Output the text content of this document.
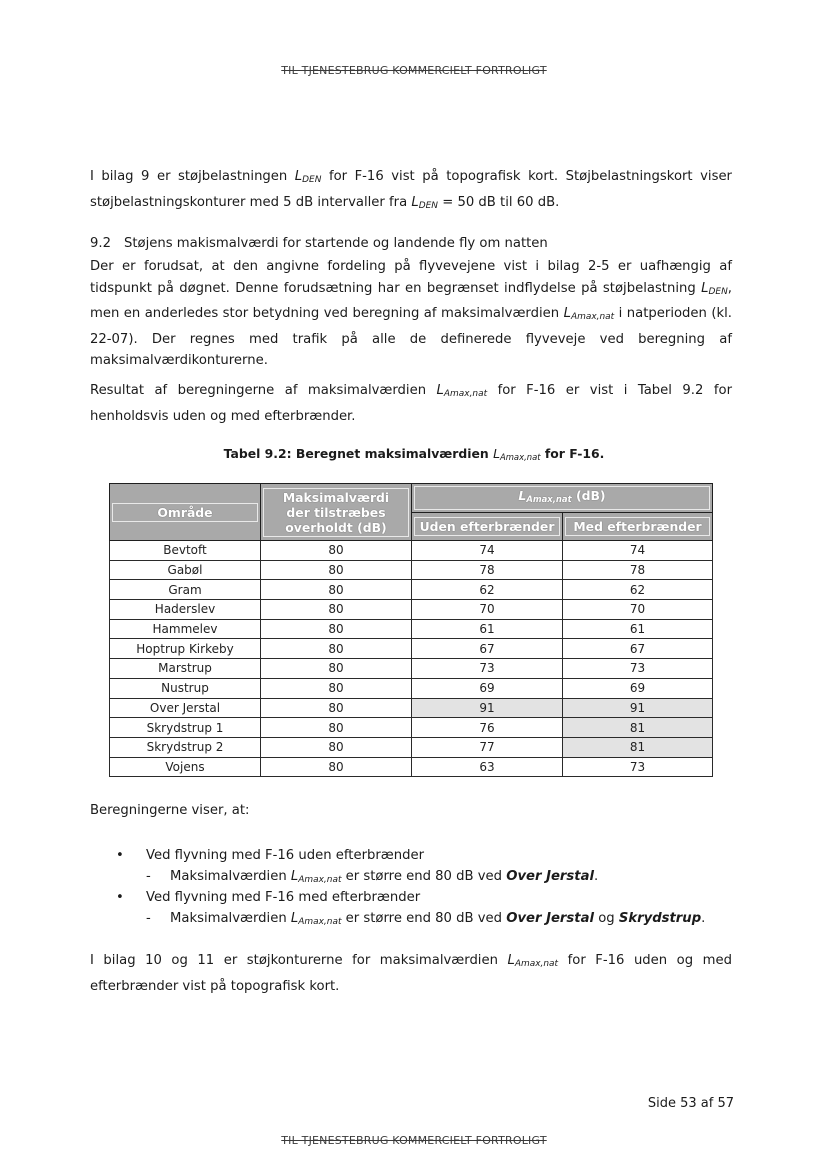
TIL TJENESTEBRUG KOMMERCIELT FORTROLIGT

I bilag 9 er støjbelastningen LDEN for F-16 vist på topografisk kort. Støjbelastningskort viser støjbelastningskonturer med 5 dB intervaller fra LDEN = 50 dB til 60 dB.

9.2 Støjens makismalværdi for startende og landende fly om natten

Der er forudsat, at den angivne fordeling på flyvevejene vist i bilag 2-5 er uafhængig af tidspunkt på døgnet. Denne forudsætning har en begrænset indflydelse på støjbelastning LDEN, men en anderledes stor betydning ved beregning af maksimalværdien LAmax,nat i natperioden (kl. 22-07). Der regnes med trafik på alle de definerede flyveveje ved beregning af maksimalværdikonturerne.

Resultat af beregningerne af maksimalværdien LAmax,nat for F-16 er vist i Tabel 9.2 for henholdsvis uden og med efterbrænder.

Tabel 9.2: Beregnet maksimalværdien LAmax,nat for F-16.
Område	Maksimalværdi
der tilstræbes
overholdt (dB)	LAmax,nat (dB)	

		Uden efterbrænder	Med efterbrænder

Bevtoft	80	74	74
Gabøl	80	78	78
Gram	80	62	62
Haderslev	80	70	70
Hammelev	80	61	61
Hoptrup Kirkeby	80	67	67
Marstrup	80	73	73
Nustrup	80	69	69
Over Jerstal	80	91	91
Skrydstrup 1	80	76	81
Skrydstrup 2	80	77	81
Vojens	80	63	73
Beregningerne viser, at:
• Ved flyvning med F-16 uden efterbrænder
- Maksimalværdien LAmax,nat er større end 80 dB ved Over Jerstal.
• Ved flyvning med F-16 med efterbrænder
- Maksimalværdien LAmax,nat er større end 80 dB ved Over Jerstal og Skrydstrup.

I bilag 10 og 11 er støjkonturerne for maksimalværdien LAmax,nat for F-16 uden og med efterbrænder vist på topografisk kort.

Side 53 af 57
TIL TJENESTEBRUG KOMMERCIELT FORTROLIGT
